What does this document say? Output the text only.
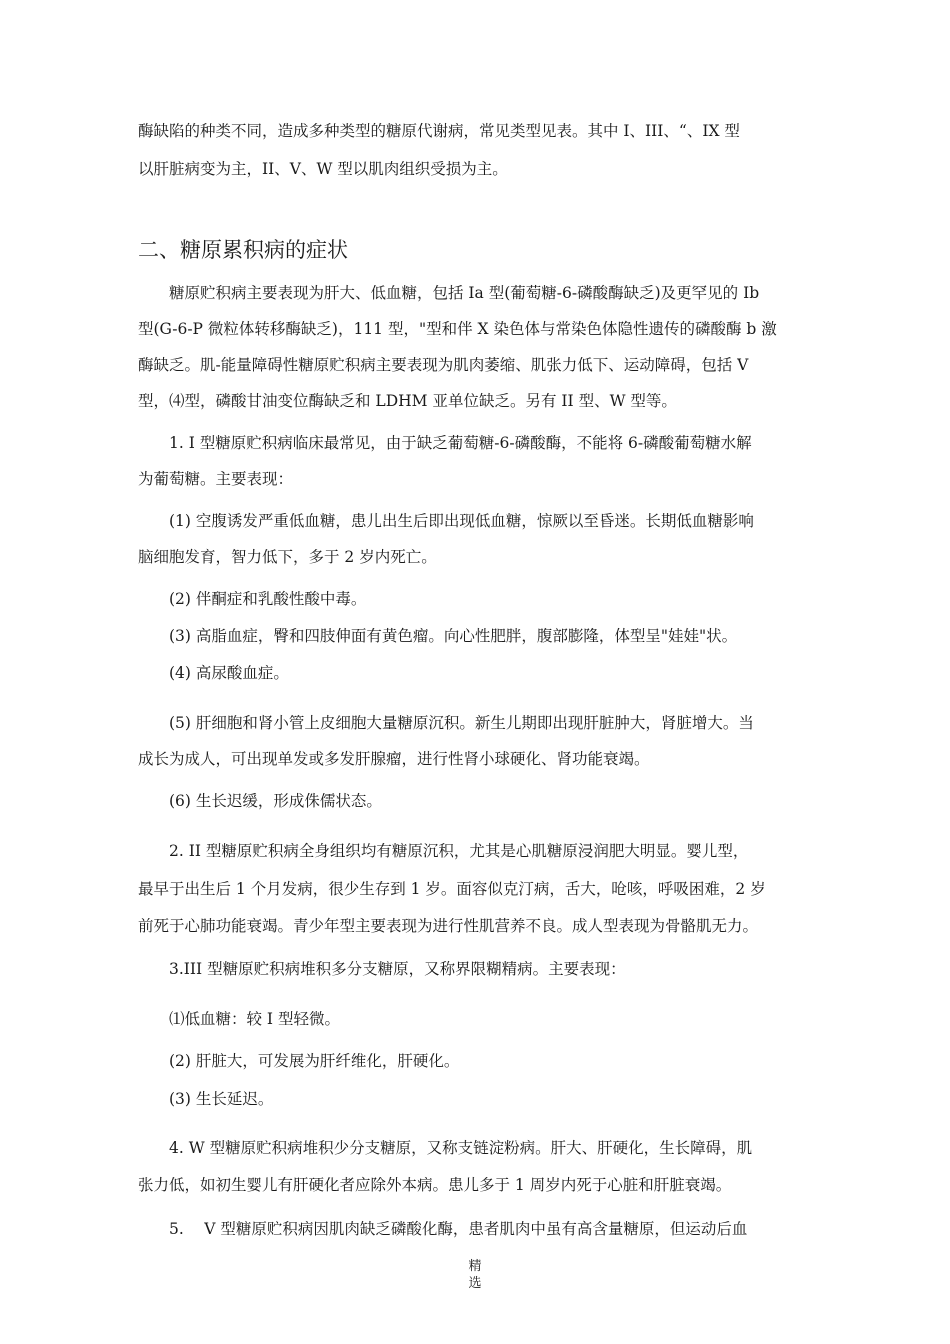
酶缺陷的种类不同，造成多种类型的糖原代谢病，常见类型见表。其中 I、III、“、IX 型
以肝脏病变为主，II、V、W 型以肌肉组织受损为主。
二、糖原累积病的症状
　　糖原贮积病主要表现为肝大、低血糖，包括 Ia 型(葡萄糖-6-磷酸酶缺乏)及更罕见的 Ib
型(G-6-P 微粒体转移酶缺乏)，111 型，"型和伴 X 染色体与常染色体隐性遗传的磷酸酶 b 激
酶缺乏。肌-能量障碍性糖原贮积病主要表现为肌肉萎缩、肌张力低下、运动障碍，包括 V
型，⑷型，磷酸甘油变位酶缺乏和 LDHM 亚单位缺乏。另有 II 型、W 型等。
　　1. I 型糖原贮积病临床最常见，由于缺乏葡萄糖-6-磷酸酶，不能将 6-磷酸葡萄糖水解
为葡萄糖。主要表现：
　　(1) 空腹诱发严重低血糖，患儿出生后即出现低血糖，惊厥以至昏迷。长期低血糖影响
脑细胞发育，智力低下，多于 2 岁内死亡。
　　(2) 伴酮症和乳酸性酸中毒。
　　(3) 高脂血症，臀和四肢伸面有黄色瘤。向心性肥胖，腹部膨隆，体型呈"娃娃"状。
　　(4) 高尿酸血症。
　　(5) 肝细胞和肾小管上皮细胞大量糖原沉积。新生儿期即出现肝脏肿大，肾脏增大。当
成长为成人，可出现单发或多发肝腺瘤，进行性肾小球硬化、肾功能衰竭。
　　(6) 生长迟缓，形成侏儒状态。
　　2. II 型糖原贮积病全身组织均有糖原沉积，尤其是心肌糖原浸润肥大明显。婴儿型，
最早于出生后 1 个月发病，很少生存到 1 岁。面容似克汀病，舌大，呛咳，呼吸困难，2 岁
前死于心肺功能衰竭。青少年型主要表现为进行性肌营养不良。成人型表现为骨骼肌无力。
　　3.III 型糖原贮积病堆积多分支糖原，又称界限糊精病。主要表现：
　　⑴低血糖：较 I 型轻微。
　　(2) 肝脏大，可发展为肝纤维化，肝硬化。
　　(3) 生长延迟。
　　4. W 型糖原贮积病堆积少分支糖原，又称支链淀粉病。肝大、肝硬化，生长障碍，肌
张力低，如初生婴儿有肝硬化者应除外本病。患儿多于 1 周岁内死于心脏和肝脏衰竭。
　　5.　 V 型糖原贮积病因肌肉缺乏磷酸化酶，患者肌肉中虽有高含量糖原，但运动后血
精
选
